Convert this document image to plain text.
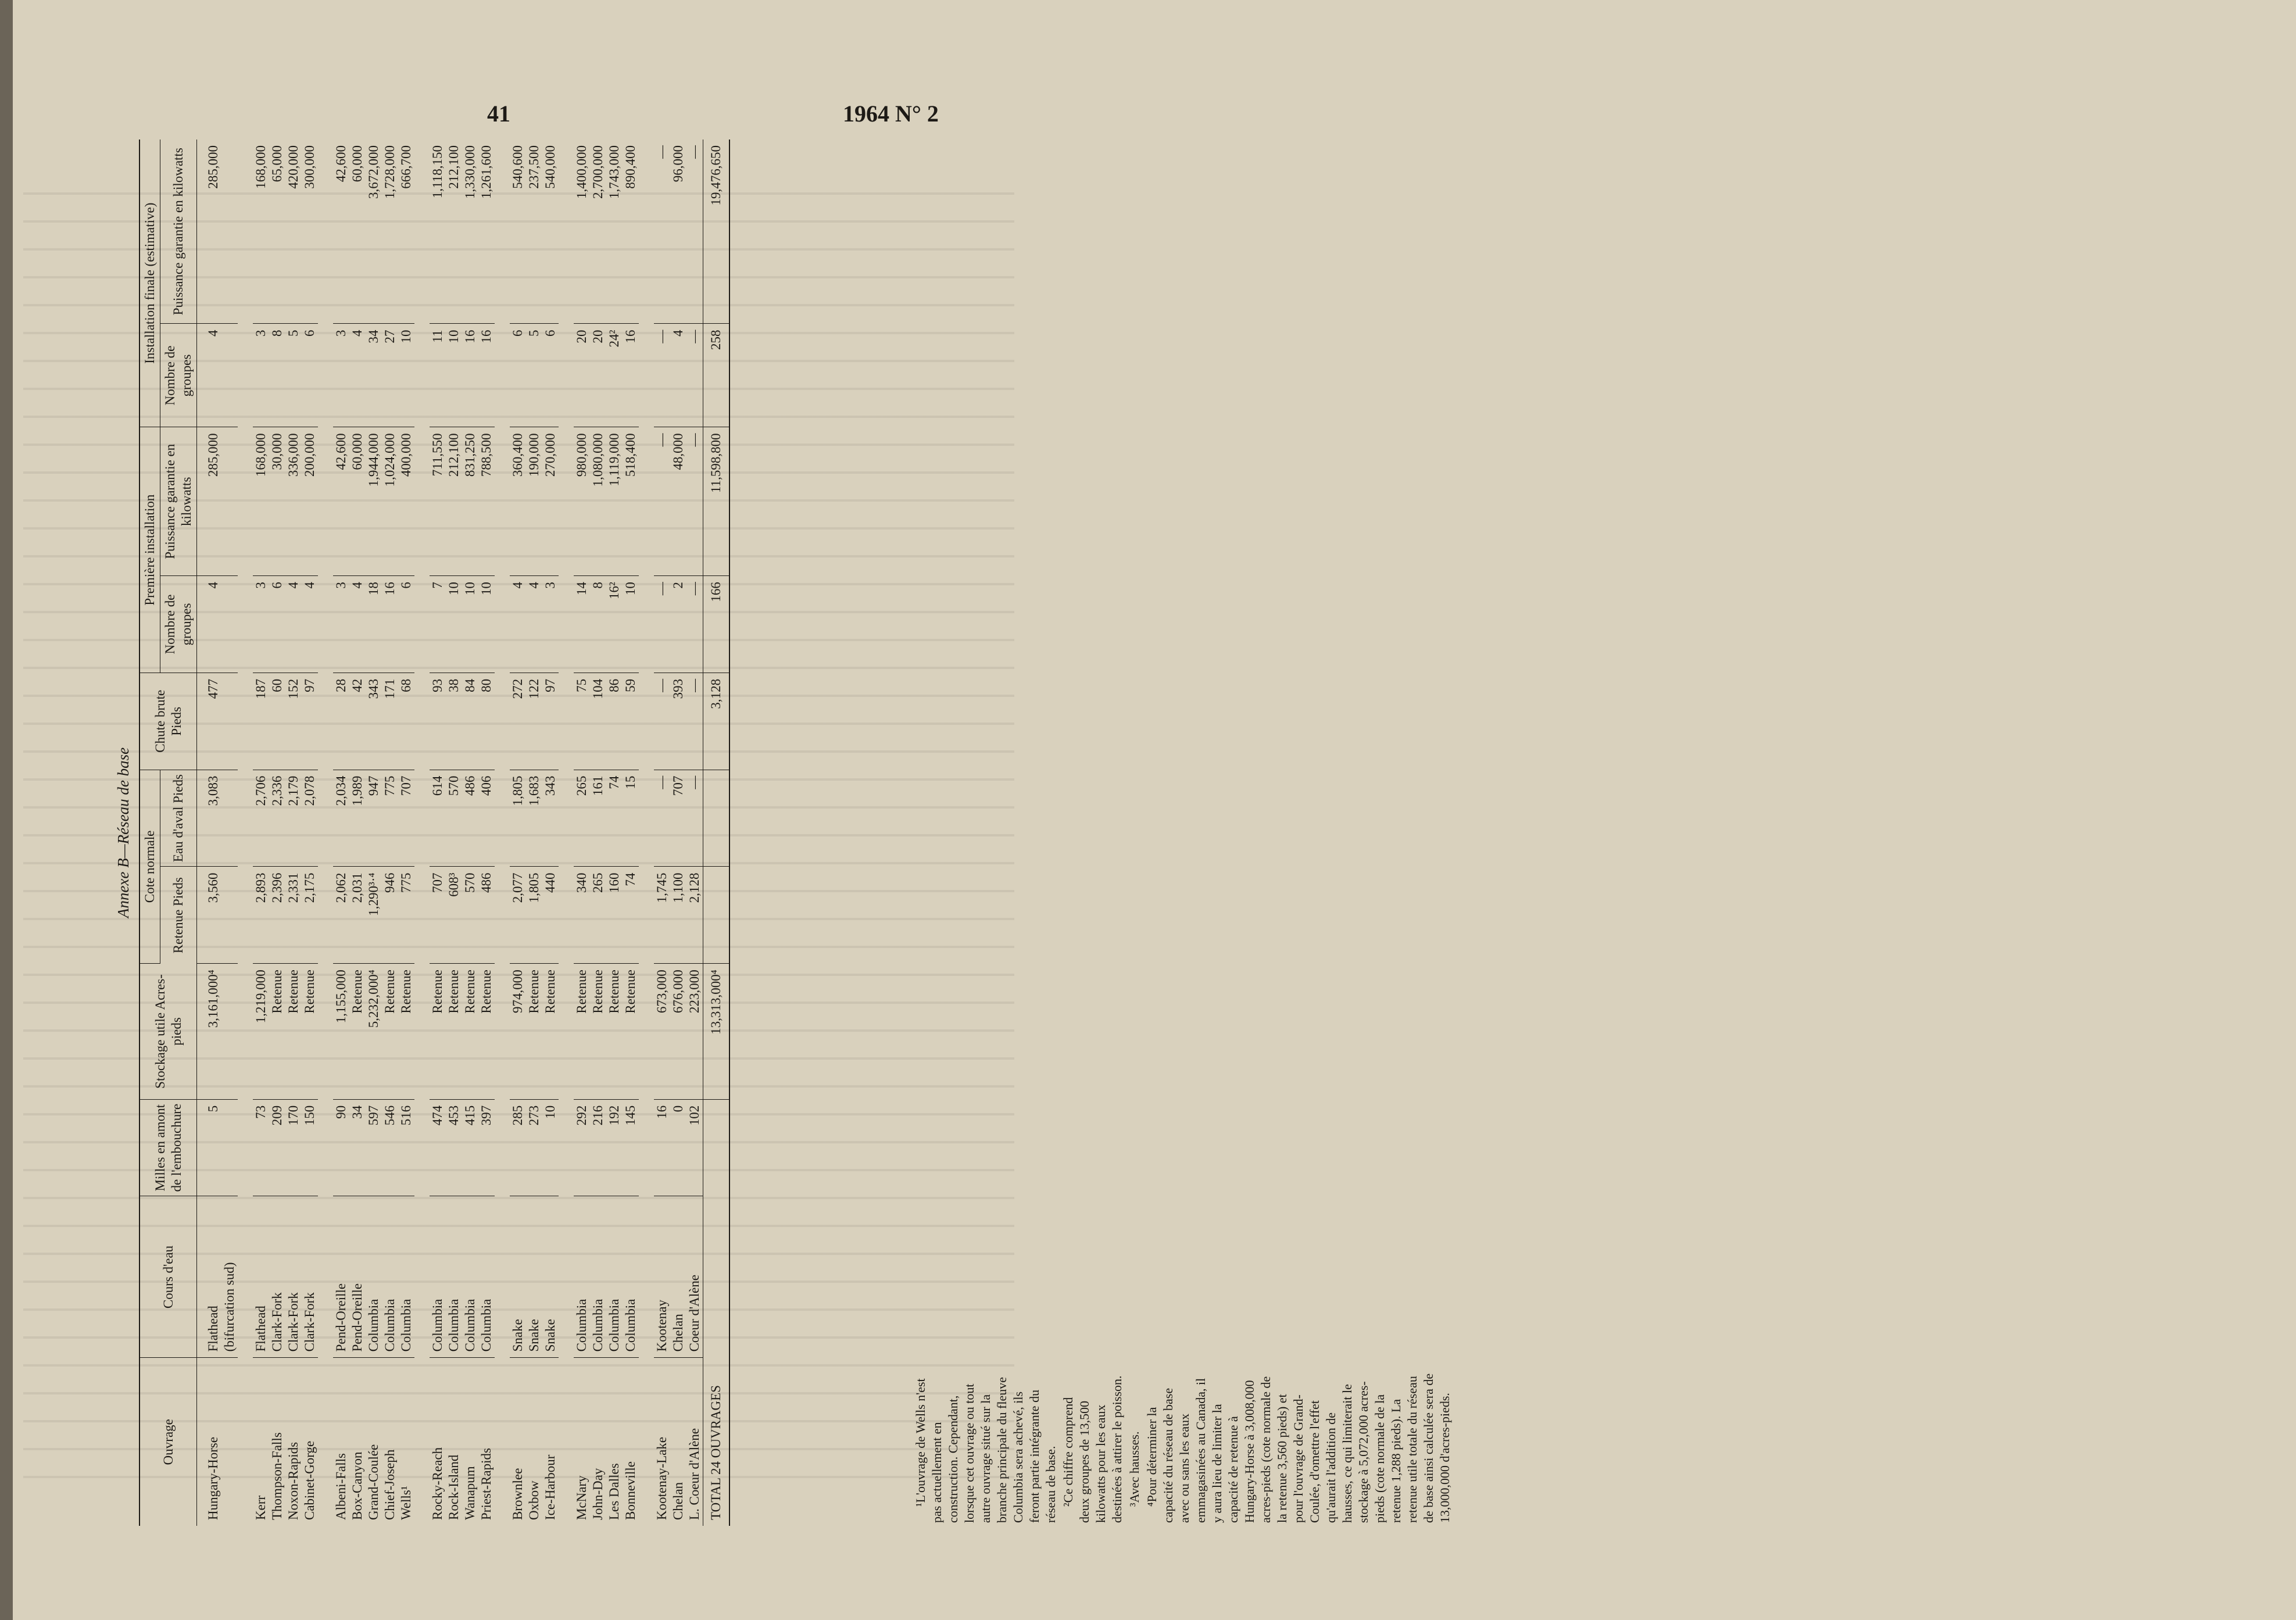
41	1964 N° 2

Annexe B—Réseau de base

Ouvrage	Cours d'eau	Milles en amont de l'embouchure	Stockage utile Acres-pieds	Cote normale		Chute brute Pieds	Première installation		Installation finale (estimative)	
				Retenue Pieds	Eau d'aval Pieds		Nombre de groupes	Puissance garantie en kilowatts	Nombre de groupes	Puissance garantie en kilowatts
Hungary-Horse	Flathead	5	3,161,000⁴	3,560	3,083	477	4	285,000	4	285,000
	(bifurcation sud)									

Kerr	Flathead	73	1,219,000	2,893	2,706	187	3	168,000	3	168,000
Thompson-Falls	Clark-Fork	209	Retenue	2,396	2,336	60	6	30,000	8	65,000
Noxon-Rapids	Clark-Fork	170	Retenue	2,331	2,179	152	4	336,000	5	420,000
Cabinet-Gorge	Clark-Fork	150	Retenue	2,175	2,078	97	4	200,000	6	300,000

Albeni-Falls	Pend-Oreille	90	1,155,000	2,062	2,034	28	3	42,600	3	42,600
Box-Canyon	Pend-Oreille	34	Retenue	2,031	1,989	42	4	60,000	4	60,000
Grand-Coulée	Columbia	597	5,232,000⁴	1,290³·⁴	947	343	18	1,944,000	34	3,672,000
Chief-Joseph	Columbia	546	Retenue	946	775	171	16	1,024,000	27	1,728,000
Wells¹	Columbia	516	Retenue	775	707	68	6	400,000	10	666,700

Rocky-Reach	Columbia	474	Retenue	707	614	93	7	711,550	11	1,118,150
Rock-Island	Columbia	453	Retenue	608³	570	38	10	212,100	10	212,100
Wanapum	Columbia	415	Retenue	570	486	84	10	831,250	16	1,330,000
Priest-Rapids	Columbia	397	Retenue	486	406	80	10	788,500	16	1,261,600

Brownlee	Snake	285	974,000	2,077	1,805	272	4	360,400	6	540,600
Oxbow	Snake	273	Retenue	1,805	1,683	122	4	190,000	5	237,500
Ice-Harbour	Snake	10	Retenue	440	343	97	3	270,000	6	540,000

McNary	Columbia	292	Retenue	340	265	75	14	980,000	20	1,400,000
John-Day	Columbia	216	Retenue	265	161	104	8	1,080,000	20	2,700,000
Les Dalles	Columbia	192	Retenue	160	74	86	16²	1,119,000	24²	1,743,000
Bonneville	Columbia	145	Retenue	74	15	59	10	518,400	16	890,400

Kootenay-Lake	Kootenay	16	673,000	1,745	—	—	—	—	—	—
Chelan	Chelan	0	676,000	1,100	707	393	2	48,000	4	96,000
L. Coeur d'Alène	Coeur d'Alène	102	223,000	2,128	—	—	—	—	—	—
TOTAL 24 OUVRAGES			13,313,000⁴			3,128	166	11,598,800	258	19,476,650

¹L'ouvrage de Wells n'est pas actuellement en construction. Cependant, lorsque cet ouvrage ou tout autre ouvrage situé sur la branche principale du fleuve Columbia sera achevé, ils feront partie intégrante du réseau de base. ²Ce chiffre comprend deux groupes de 13,500 kilowatts pour les eaux destinées à attirer le poisson. ³Avec hausses. ⁴Pour déterminer la capacité du réseau de base avec ou sans les eaux emmagasinées au Canada, il y aura lieu de limiter la capacité de retenue à Hungary-Horse à 3,008,000 acres-pieds (cote normale de la retenue 3,560 pieds) et pour l'ouvrage de Grand-Coulée, d'omettre l'effet qu'aurait l'addition de hausses, ce qui limiterait le stockage à 5,072,000 acres-pieds (cote normale de la retenue 1,288 pieds). La retenue utile totale du réseau de base ainsi calculée sera de 13,000,000 d'acres-pieds.
